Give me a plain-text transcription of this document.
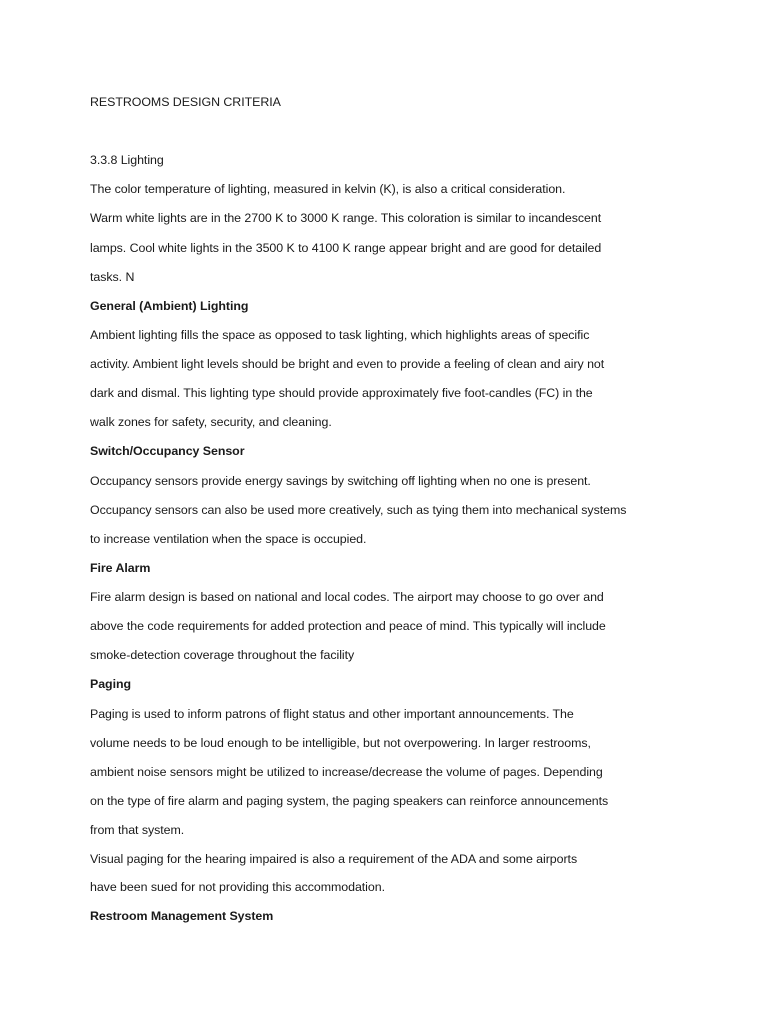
RESTROOMS DESIGN CRITERIA
3.3.8 Lighting
The color temperature of lighting, measured in kelvin (K), is also a critical consideration.
Warm white lights are in the 2700 K to 3000 K range. This coloration is similar to incandescent
lamps. Cool white lights in the 3500 K to 4100 K range appear bright and are good for detailed
tasks. N
General (Ambient) Lighting
Ambient lighting fills the space as opposed to task lighting, which highlights areas of specific
activity. Ambient light levels should be bright and even to provide a feeling of clean and airy not
dark and dismal. This lighting type should provide approximately five foot-candles (FC) in the
walk zones for safety, security, and cleaning.
Switch/Occupancy Sensor
Occupancy sensors provide energy savings by switching off lighting when no one is present.
Occupancy sensors can also be used more creatively, such as tying them into mechanical systems
to increase ventilation when the space is occupied.
Fire Alarm
Fire alarm design is based on national and local codes. The airport may choose to go over and
above the code requirements for added protection and peace of mind. This typically will include
smoke-detection coverage throughout the facility
Paging
Paging is used to inform patrons of flight status and other important announcements. The
volume needs to be loud enough to be intelligible, but not overpowering. In larger restrooms,
ambient noise sensors might be utilized to increase/decrease the volume of pages. Depending
on the type of fire alarm and paging system, the paging speakers can reinforce announcements
from that system.
Visual paging for the hearing impaired is also a requirement of the ADA and some airports
have been sued for not providing this accommodation.
Restroom Management System
